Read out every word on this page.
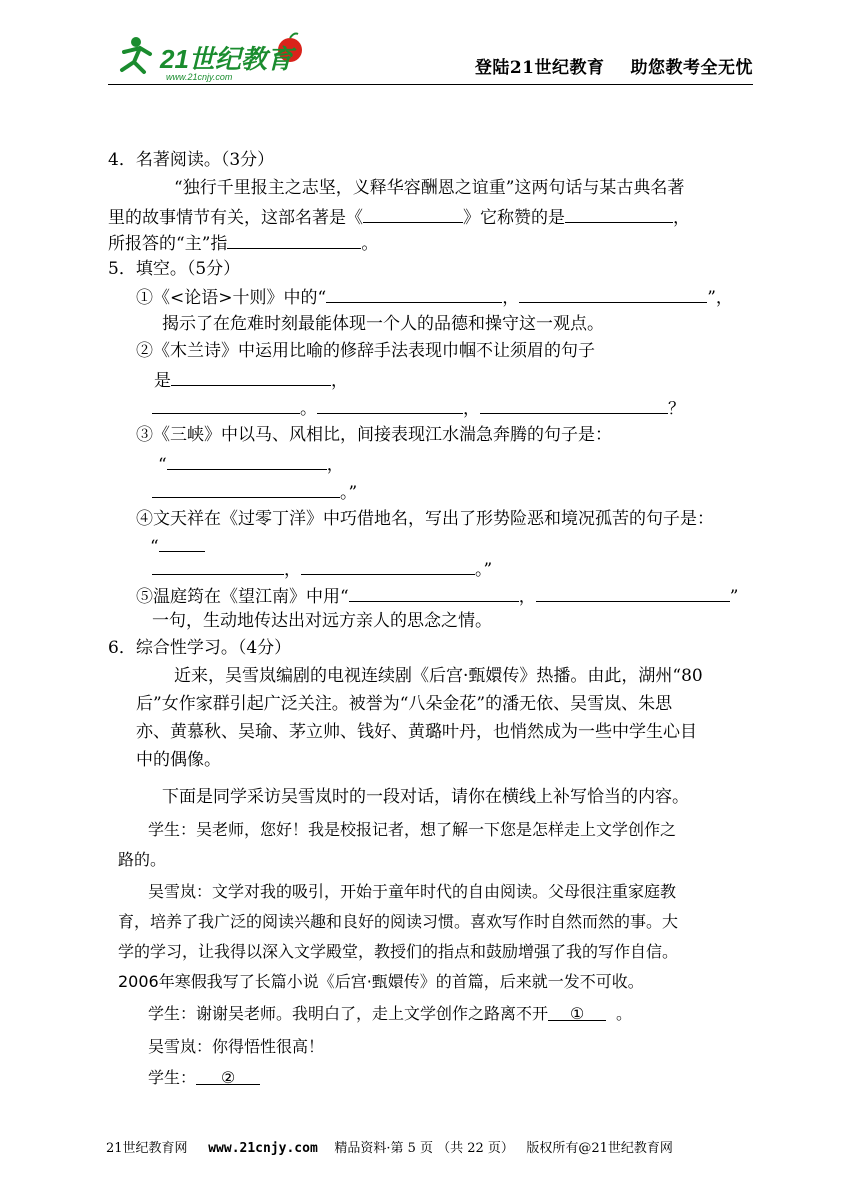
21世纪教育
www.21cnjy.com	登陆21世纪教育 助您教考全无忧
4．名著阅读。（3分）
“独行千里报主之志坚，义释华容酬恩之谊重”这两句话与某古典名著
里的故事情节有关，这部名著是《	》它称赞的是	，
所报答的“主”指	。
5．填空。（5分）
①《<论语>十则》中的“	，	”，
揭示了在危难时刻最能体现一个人的品德和操守这一观点。
②《木兰诗》中运用比喻的修辞手法表现巾帼不让须眉的句子
是	，
。	，	？
③《三峡》中以马、风相比，间接表现江水湍急奔腾的句子是：
“	，
。”
④文天祥在《过零丁洋》中巧借地名，写出了形势险恶和境况孤苦的句子是：
“
，	。”
⑤温庭筠在《望江南》中用“	，	”
一句，生动地传达出对远方亲人的思念之情。
6．综合性学习。（4分）
近来，吴雪岚编剧的电视连续剧《后宫·甄嬛传》热播。由此，湖州“80
后”女作家群引起广泛关注。被誉为“八朵金花”的潘无依、吴雪岚、朱思
亦、黄慕秋、吴瑜、茅立帅、钱好、黄璐叶丹，也悄然成为一些中学生心目
中的偶像。
下面是同学采访吴雪岚时的一段对话，请你在横线上补写恰当的内容。
学生：吴老师，您好！我是校报记者，想了解一下您是怎样走上文学创作之
路的。
吴雪岚：文学对我的吸引，开始于童年时代的自由阅读。父母很注重家庭教
育，培养了我广泛的阅读兴趣和良好的阅读习惯。喜欢写作时自然而然的事。大
学的学习，让我得以深入文学殿堂，教授们的指点和鼓励增强了我的写作自信。
2006年寒假我写了长篇小说《后宫·甄嬛传》的首篇，后来就一发不可收。
学生：谢谢吴老师。我明白了，走上文学创作之路离不开 ① 。
吴雪岚：你得悟性很高！
学生： ②
21世纪教育网 www.21cnjy.com 精品资料·第 5 页 （共 22 页） 版权所有@21世纪教育网
